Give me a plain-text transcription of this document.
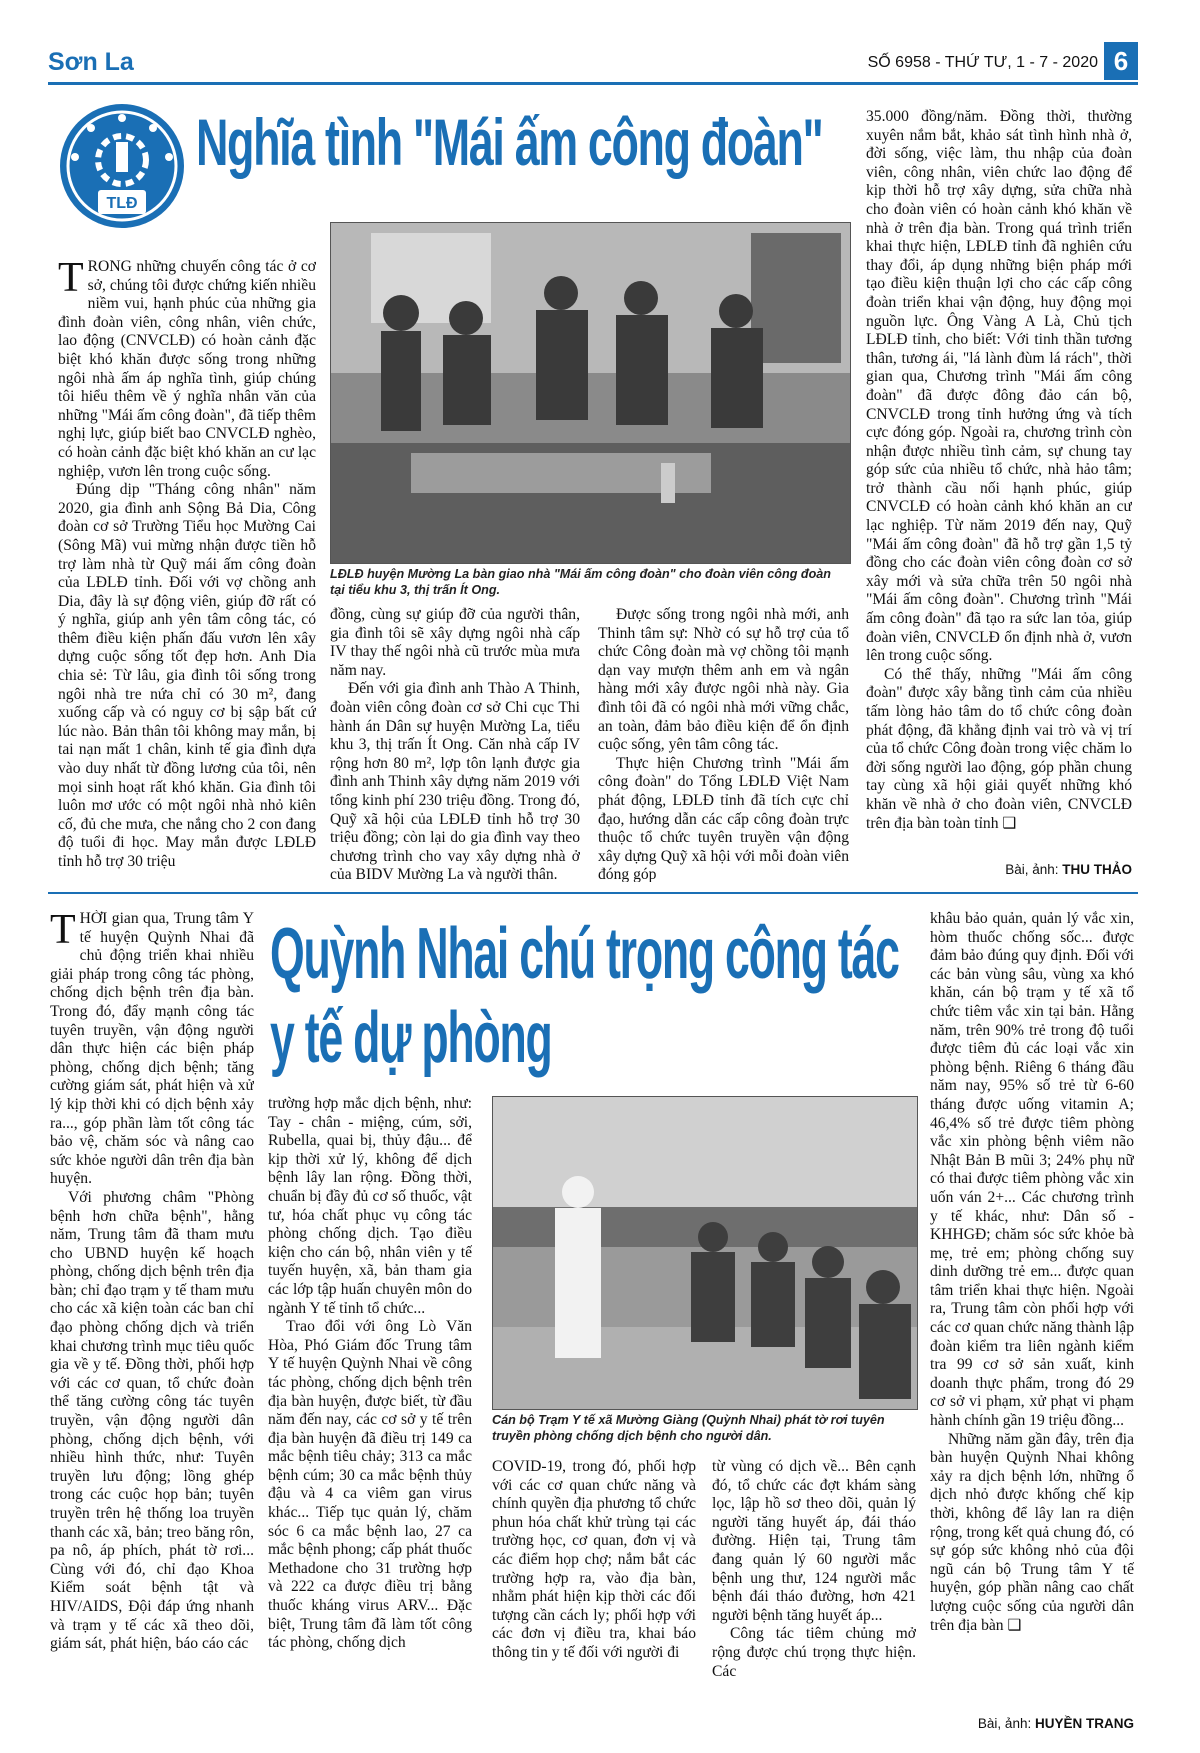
Sơn La	SỐ 6958 - THỨ TƯ, 1 - 7 - 2020 6
TLĐ
Nghĩa tình "Mái ấm công đoàn"

TRONG những chuyến công tác ở cơ sở, chúng tôi được chứng kiến nhiều niềm vui, hạnh phúc của những gia đình đoàn viên, công nhân, viên chức, lao động (CNVCLĐ) có hoàn cảnh đặc biệt khó khăn được sống trong những ngôi nhà ấm áp nghĩa tình, giúp chúng tôi hiểu thêm về ý nghĩa nhân văn của những "Mái ấm công đoàn", đã tiếp thêm nghị lực, giúp biết bao CNVCLĐ nghèo, có hoàn cảnh đặc biệt khó khăn an cư lạc nghiệp, vươn lên trong cuộc sống.

Đúng dịp "Tháng công nhân" năm 2020, gia đình anh Sộng Bả Dia, Công đoàn cơ sở Trường Tiểu học Mường Cai (Sông Mã) vui mừng nhận được tiền hỗ trợ làm nhà từ Quỹ mái ấm công đoàn của LĐLĐ tỉnh. Đối với vợ chồng anh Dia, đây là sự động viên, giúp đỡ rất có ý nghĩa, giúp anh yên tâm công tác, có thêm điều kiện phấn đấu vươn lên xây dựng cuộc sống tốt đẹp hơn. Anh Dia chia sẻ: Từ lâu, gia đình tôi sống trong ngôi nhà tre nứa chỉ có 30 m², đang xuống cấp và có nguy cơ bị sập bất cứ lúc nào. Bản thân tôi không may mắn, bị tai nạn mất 1 chân, kinh tế gia đình dựa vào duy nhất từ đồng lương của tôi, nên mọi sinh hoạt rất khó khăn. Gia đình tôi luôn mơ ước có một ngôi nhà nhỏ kiên cố, đủ che mưa, che nắng cho 2 con đang độ tuổi đi học. May mắn được LĐLĐ tỉnh hỗ trợ 30 triệu

LĐLĐ huyện Mường La bàn giao nhà "Mái ấm công đoàn" cho đoàn viên công đoàn tại tiểu khu 3, thị trấn Ít Ong.

đồng, cùng sự giúp đỡ của người thân, gia đình tôi sẽ xây dựng ngôi nhà cấp IV thay thế ngôi nhà cũ trước mùa mưa năm nay.

Đến với gia đình anh Thào A Thinh, đoàn viên công đoàn cơ sở Chi cục Thi hành án Dân sự huyện Mường La, tiểu khu 3, thị trấn Ít Ong. Căn nhà cấp IV rộng hơn 80 m², lợp tôn lạnh được gia đình anh Thinh xây dựng năm 2019 với tổng kinh phí 230 triệu đồng. Trong đó, Quỹ xã hội của LĐLĐ tỉnh hỗ trợ 30 triệu đồng; còn lại do gia đình vay theo chương trình cho vay xây dựng nhà ở của BIDV Mường La và người thân.

Được sống trong ngôi nhà mới, anh Thinh tâm sự: Nhờ có sự hỗ trợ của tổ chức Công đoàn mà vợ chồng tôi mạnh dạn vay mượn thêm anh em và ngân hàng mới xây được ngôi nhà này. Gia đình tôi đã có ngôi nhà mới vững chắc, an toàn, đảm bảo điều kiện để ổn định cuộc sống, yên tâm công tác.

Thực hiện Chương trình "Mái ấm công đoàn" do Tổng LĐLĐ Việt Nam phát động, LĐLĐ tỉnh đã tích cực chỉ đạo, hướng dẫn các cấp công đoàn trực thuộc tổ chức tuyên truyền vận động xây dựng Quỹ xã hội với mỗi đoàn viên đóng góp

35.000 đồng/năm. Đồng thời, thường xuyên nắm bắt, khảo sát tình hình nhà ở, đời sống, việc làm, thu nhập của đoàn viên, công nhân, viên chức lao động để kịp thời hỗ trợ xây dựng, sửa chữa nhà cho đoàn viên có hoàn cảnh khó khăn về nhà ở trên địa bàn. Trong quá trình triển khai thực hiện, LĐLĐ tỉnh đã nghiên cứu thay đổi, áp dụng những biện pháp mới tạo điều kiện thuận lợi cho các cấp công đoàn triển khai vận động, huy động mọi nguồn lực. Ông Vàng A Là, Chủ tịch LĐLĐ tỉnh, cho biết: Với tinh thần tương thân, tương ái, "lá lành đùm lá rách", thời gian qua, Chương trình "Mái ấm công đoàn" đã được đông đảo cán bộ, CNVCLĐ trong tỉnh hưởng ứng và tích cực đóng góp. Ngoài ra, chương trình còn nhận được nhiều tình cảm, sự chung tay góp sức của nhiều tổ chức, nhà hảo tâm; trở thành cầu nối hạnh phúc, giúp CNVCLĐ có hoàn cảnh khó khăn an cư lạc nghiệp. Từ năm 2019 đến nay, Quỹ "Mái ấm công đoàn" đã hỗ trợ gần 1,5 tỷ đồng cho các đoàn viên công đoàn cơ sở xây mới và sửa chữa trên 50 ngôi nhà "Mái ấm công đoàn". Chương trình "Mái ấm công đoàn" đã tạo ra sức lan tỏa, giúp đoàn viên, CNVCLĐ ổn định nhà ở, vươn lên trong cuộc sống.

Có thể thấy, những "Mái ấm công đoàn" được xây bằng tình cảm của nhiều tấm lòng hảo tâm do tổ chức công đoàn phát động, đã khẳng định vai trò và vị trí của tổ chức Công đoàn trong việc chăm lo đời sống người lao động, góp phần chung tay cùng xã hội giải quyết những khó khăn về nhà ở cho đoàn viên, CNVCLĐ trên địa bàn toàn tỉnh ❑

Bài, ảnh: THU THẢO
Quỳnh Nhai chú trọng công tác
y tế dự phòng

THỜI gian qua, Trung tâm Y tế huyện Quỳnh Nhai đã chủ động triển khai nhiều giải pháp trong công tác phòng, chống dịch bệnh trên địa bàn. Trong đó, đẩy mạnh công tác tuyên truyền, vận động người dân thực hiện các biện pháp phòng, chống dịch bệnh; tăng cường giám sát, phát hiện và xử lý kịp thời khi có dịch bệnh xảy ra..., góp phần làm tốt công tác bảo vệ, chăm sóc và nâng cao sức khỏe người dân trên địa bàn huyện.

Với phương châm "Phòng bệnh hơn chữa bệnh", hằng năm, Trung tâm đã tham mưu cho UBND huyện kế hoạch phòng, chống dịch bệnh trên địa bàn; chỉ đạo trạm y tế tham mưu cho các xã kiện toàn các ban chỉ đạo phòng chống dịch và triển khai chương trình mục tiêu quốc gia về y tế. Đồng thời, phối hợp với các cơ quan, tổ chức đoàn thể tăng cường công tác tuyên truyền, vận động người dân phòng, chống dịch bệnh, với nhiều hình thức, như: Tuyên truyền lưu động; lồng ghép trong các cuộc họp bản; tuyên truyền trên hệ thống loa truyền thanh các xã, bản; treo băng rôn, pa nô, áp phích, phát tờ rơi... Cùng với đó, chỉ đạo Khoa Kiểm soát bệnh tật và HIV/AIDS, Đội đáp ứng nhanh và trạm y tế các xã theo dõi, giám sát, phát hiện, báo cáo các

trường hợp mắc dịch bệnh, như: Tay - chân - miệng, cúm, sởi, Rubella, quai bị, thủy đậu... để kịp thời xử lý, không để dịch bệnh lây lan rộng. Đồng thời, chuẩn bị đầy đủ cơ số thuốc, vật tư, hóa chất phục vụ công tác phòng chống dịch. Tạo điều kiện cho cán bộ, nhân viên y tế tuyến huyện, xã, bản tham gia các lớp tập huấn chuyên môn do ngành Y tế tỉnh tổ chức...

Trao đổi với ông Lò Văn Hòa, Phó Giám đốc Trung tâm Y tế huyện Quỳnh Nhai về công tác phòng, chống dịch bệnh trên địa bàn huyện, được biết, từ đầu năm đến nay, các cơ sở y tế trên địa bàn huyện đã điều trị 149 ca mắc bệnh tiêu chảy; 313 ca mắc bệnh cúm; 30 ca mắc bệnh thủy đậu và 4 ca viêm gan virus khác... Tiếp tục quản lý, chăm sóc 6 ca mắc bệnh lao, 27 ca mắc bệnh phong; cấp phát thuốc Methadone cho 31 trường hợp và 222 ca được điều trị bằng thuốc kháng virus ARV... Đặc biệt, Trung tâm đã làm tốt công tác phòng, chống dịch

Cán bộ Trạm Y tế xã Mường Giàng (Quỳnh Nhai) phát tờ rơi tuyên truyền phòng chống dịch bệnh cho người dân.

COVID-19, trong đó, phối hợp với các cơ quan chức năng và chính quyền địa phương tổ chức phun hóa chất khử trùng tại các trường học, cơ quan, đơn vị và các điểm họp chợ; nắm bắt các trường hợp ra, vào địa bàn, nhằm phát hiện kịp thời các đối tượng cần cách ly; phối hợp với các đơn vị điều tra, khai báo thông tin y tế đối với người đi

từ vùng có dịch về... Bên cạnh đó, tổ chức các đợt khám sàng lọc, lập hồ sơ theo dõi, quản lý người tăng huyết áp, đái tháo đường. Hiện tại, Trung tâm đang quản lý 60 người mắc bệnh ung thư, 124 người mắc bệnh đái tháo đường, hơn 421 người bệnh tăng huyết áp...

Công tác tiêm chủng mở rộng được chú trọng thực hiện. Các

khâu bảo quản, quản lý vắc xin, hòm thuốc chống sốc... được đảm bảo đúng quy định. Đối với các bản vùng sâu, vùng xa khó khăn, cán bộ trạm y tế xã tổ chức tiêm vắc xin tại bản. Hằng năm, trên 90% trẻ trong độ tuổi được tiêm đủ các loại vắc xin phòng bệnh. Riêng 6 tháng đầu năm nay, 95% số trẻ từ 6-60 tháng được uống vitamin A; 46,4% số trẻ được tiêm phòng vắc xin phòng bệnh viêm não Nhật Bản B mũi 3; 24% phụ nữ có thai được tiêm phòng vắc xin uốn ván 2+... Các chương trình y tế khác, như: Dân số - KHHGĐ; chăm sóc sức khỏe bà mẹ, trẻ em; phòng chống suy dinh dưỡng trẻ em... được quan tâm triển khai thực hiện. Ngoài ra, Trung tâm còn phối hợp với các cơ quan chức năng thành lập đoàn kiểm tra liên ngành kiểm tra 99 cơ sở sản xuất, kinh doanh thực phẩm, trong đó 29 cơ sở vi phạm, xử phạt vi phạm hành chính gần 19 triệu đồng...

Những năm gần đây, trên địa bàn huyện Quỳnh Nhai không xảy ra dịch bệnh lớn, những ổ dịch nhỏ được khống chế kịp thời, không để lây lan ra diện rộng, trong kết quả chung đó, có sự góp sức không nhỏ của đội ngũ cán bộ Trung tâm Y tế huyện, góp phần nâng cao chất lượng cuộc sống của người dân trên địa bàn ❑

Bài, ảnh: HUYỀN TRANG
